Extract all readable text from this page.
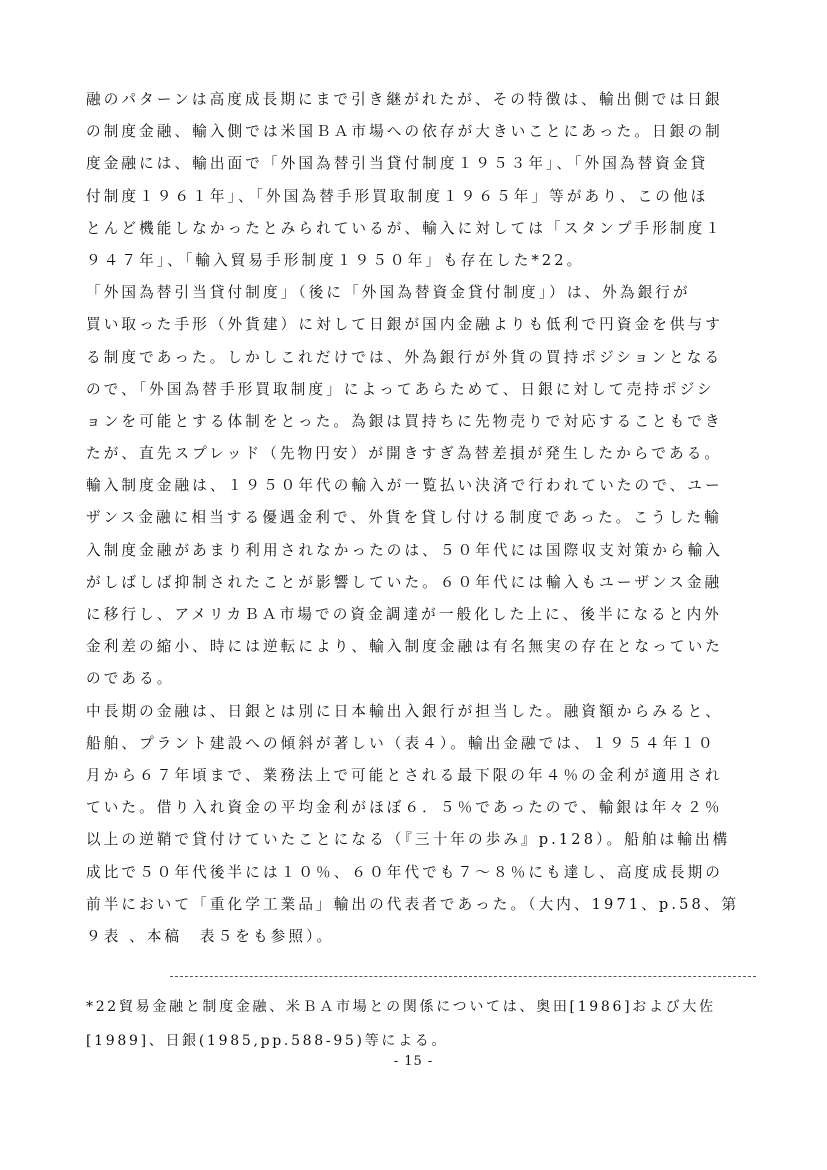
融のパターンは高度成長期にまで引き継がれたが、その特徴は、輸出側では日銀
の制度金融、輸入側では米国ＢＡ市場への依存が大きいことにあった。日銀の制
度金融には、輸出面で「外国為替引当貸付制度１９５３年」、「外国為替資金貸
付制度１９６１年」、「外国為替手形買取制度１９６５年」等があり、この他ほ
とんど機能しなかったとみられているが、輸入に対しては「スタンプ手形制度１
９４７年」、「輸入貿易手形制度１９５０年」も存在した*22。
「外国為替引当貸付制度」（後に「外国為替資金貸付制度」）は、外為銀行が
買い取った手形（外貨建）に対して日銀が国内金融よりも低利で円資金を供与す
る制度であった。しかしこれだけでは、外為銀行が外貨の買持ポジションとなる
ので、「外国為替手形買取制度」によってあらためて、日銀に対して売持ポジシ
ョンを可能とする体制をとった。為銀は買持ちに先物売りで対応することもでき
たが、直先スプレッド（先物円安）が開きすぎ為替差損が発生したからである。
輸入制度金融は、１９５０年代の輸入が一覧払い決済で行われていたので、ユー
ザンス金融に相当する優遇金利で、外貨を貸し付ける制度であった。こうした輸
入制度金融があまり利用されなかったのは、５０年代には国際収支対策から輸入
がしばしば抑制されたことが影響していた。６０年代には輸入もユーザンス金融
に移行し、アメリカＢＡ市場での資金調達が一般化した上に、後半になると内外
金利差の縮小、時には逆転により、輸入制度金融は有名無実の存在となっていた
のである。
中長期の金融は、日銀とは別に日本輸出入銀行が担当した。融資額からみると、
船舶、プラント建設への傾斜が著しい（表４）。輸出金融では、１９５４年１０
月から６７年頃まで、業務法上で可能とされる最下限の年４％の金利が適用され
ていた。借り入れ資金の平均金利がほぼ６．５％であったので、輸銀は年々２％
以上の逆鞘で貸付けていたことになる（『三十年の歩み』p.128）。船舶は輸出構
成比で５０年代後半には１０％、６０年代でも７～８％にも達し、高度成長期の
前半において「重化学工業品」輸出の代表者であった。（大内、1971、p.58、第
９表 、本稿　表５をも参照）。
*22貿易金融と制度金融、米ＢＡ市場との関係については、奥田[1986]および大佐
[1989]、日銀(1985,pp.588-95)等による。
- 15 -
